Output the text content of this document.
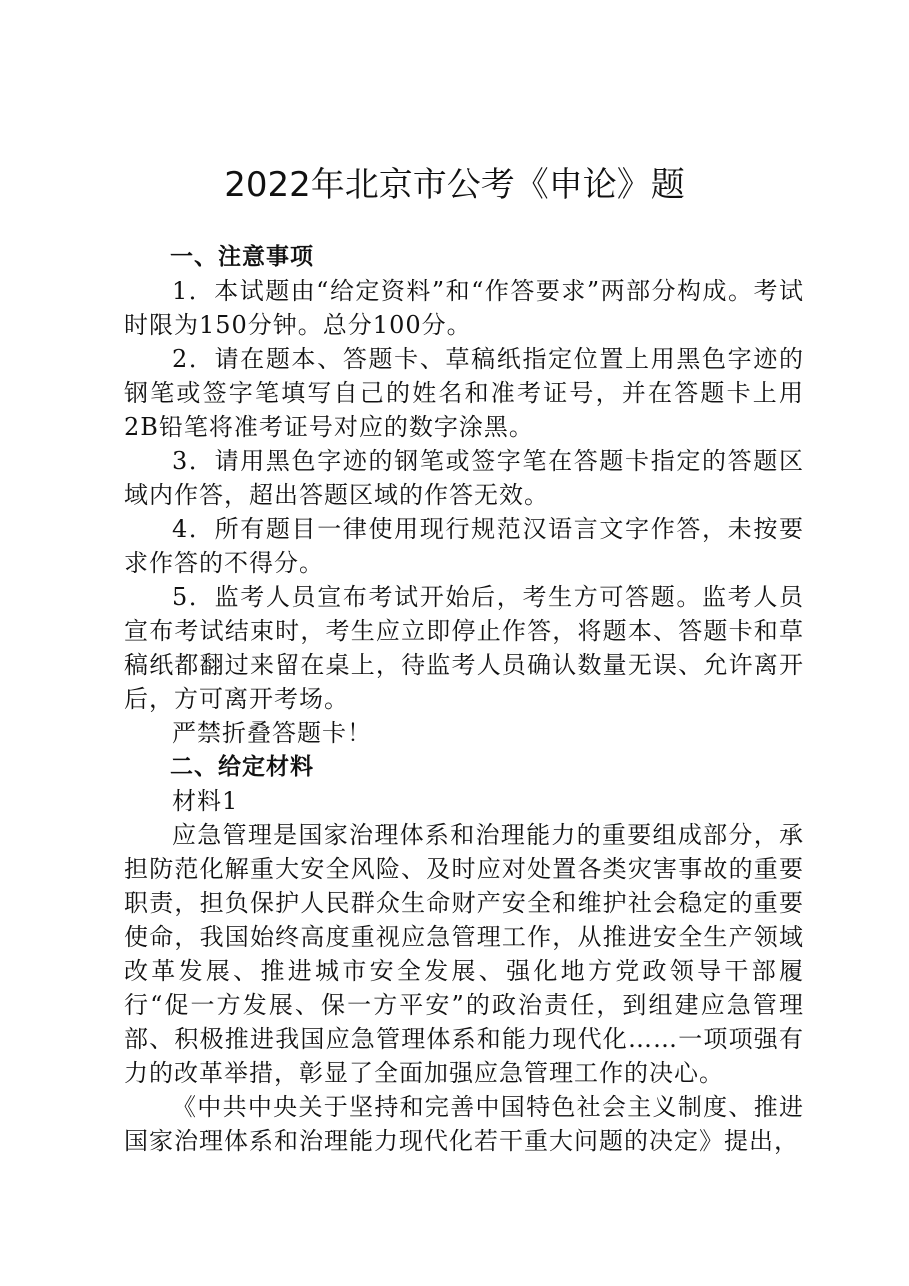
2022年北京市公考《申论》题

一、注意事项

1．本试题由“给定资料”和“作答要求”两部分构成。考试时限为150分钟。总分100分。

2．请在题本、答题卡、草稿纸指定位置上用黑色字迹的钢笔或签字笔填写自己的姓名和准考证号，并在答题卡上用2B铅笔将准考证号对应的数字涂黑。

3．请用黑色字迹的钢笔或签字笔在答题卡指定的答题区域内作答，超出答题区域的作答无效。

4．所有题目一律使用现行规范汉语言文字作答，未按要求作答的不得分。

5．监考人员宣布考试开始后，考生方可答题。监考人员宣布考试结束时，考生应立即停止作答，将题本、答题卡和草稿纸都翻过来留在桌上，待监考人员确认数量无误、允许离开后，方可离开考场。

严禁折叠答题卡！

二、给定材料

材料1

应急管理是国家治理体系和治理能力的重要组成部分，承担防范化解重大安全风险、及时应对处置各类灾害事故的重要职责，担负保护人民群众生命财产安全和维护社会稳定的重要使命，我国始终高度重视应急管理工作，从推进安全生产领域改革发展、推进城市安全发展、强化地方党政领导干部履行“促一方发展、保一方平安”的政治责任，到组建应急管理部、积极推进我国应急管理体系和能力现代化……一项项强有力的改革举措，彰显了全面加强应急管理工作的决心。

《中共中央关于坚持和完善中国特色社会主义制度、推进国家治理体系和治理能力现代化若干重大问题的决定》提出，
